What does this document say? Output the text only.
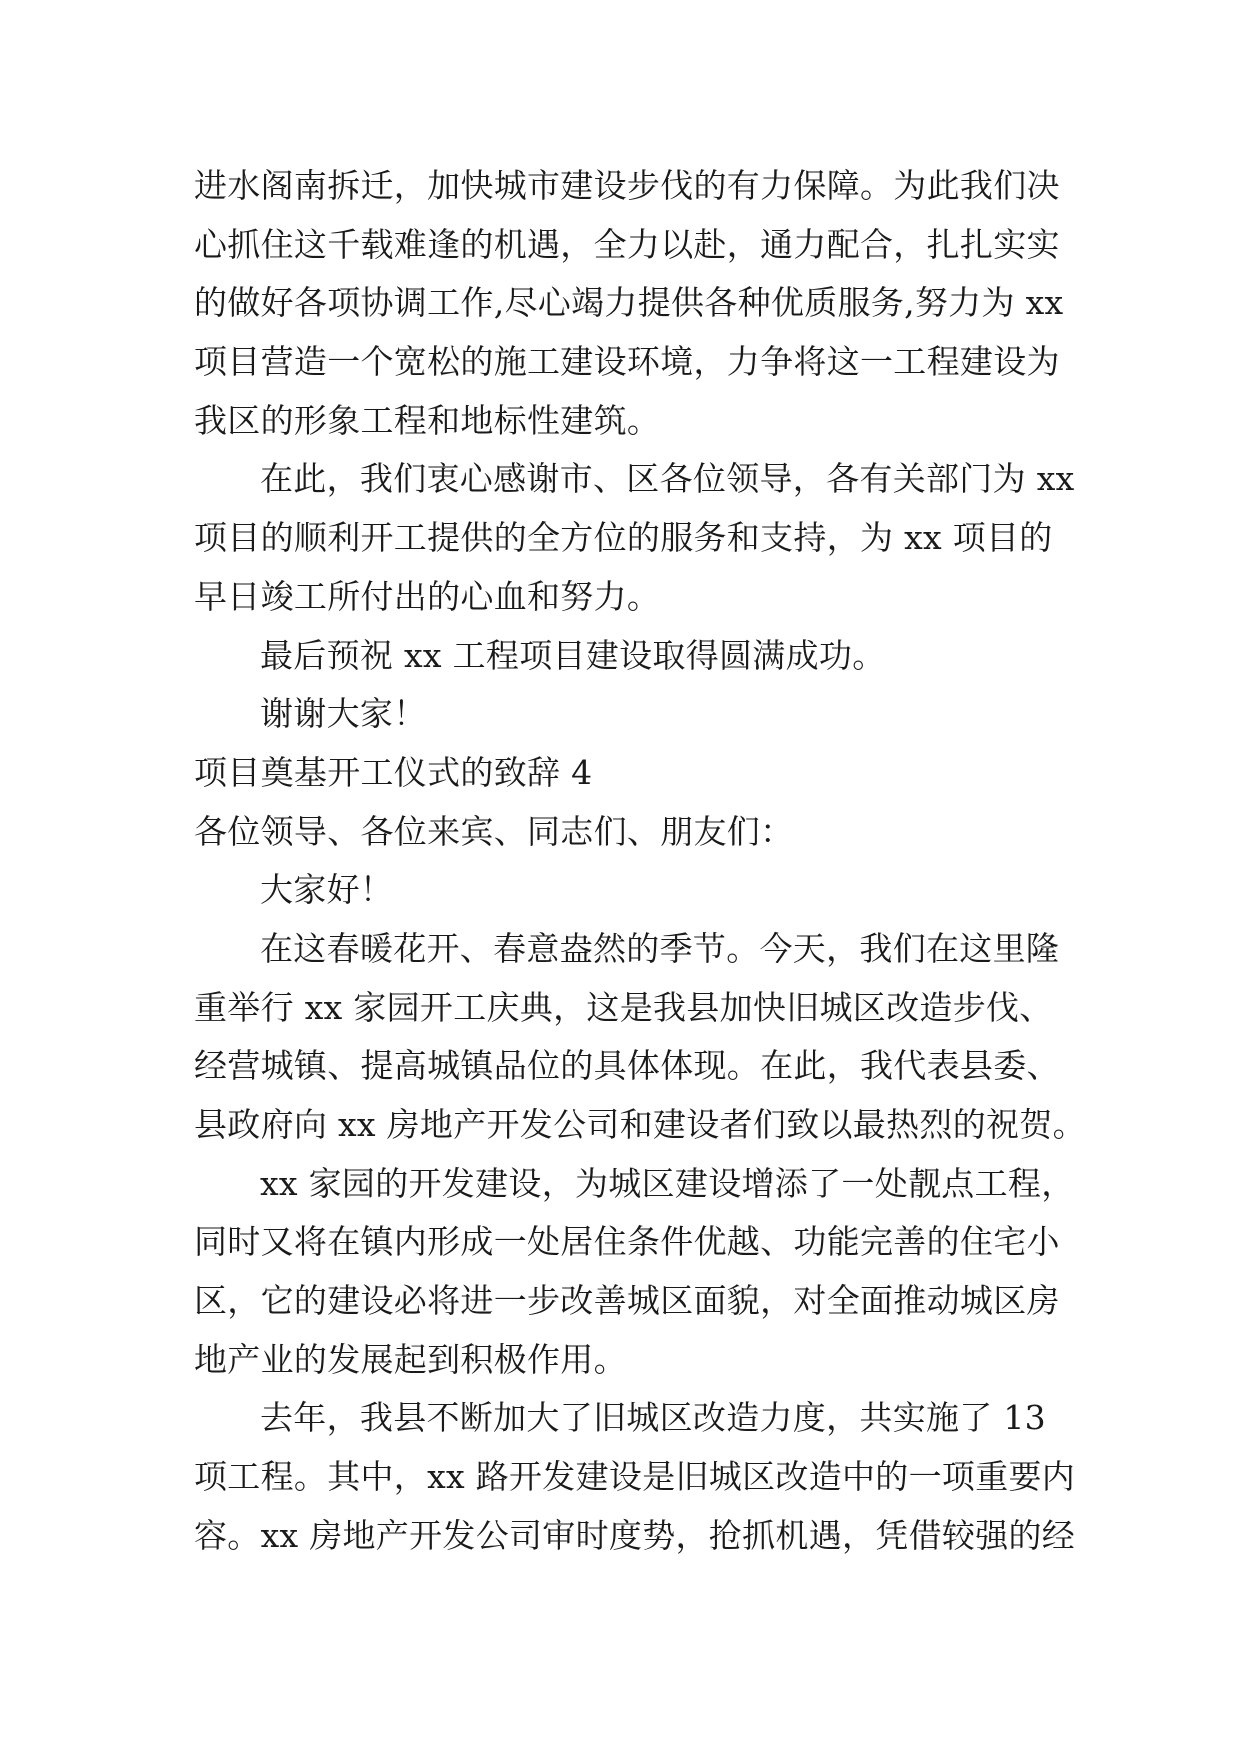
进水阁南拆迁，加快城市建设步伐的有力保障。为此我们决
心抓住这千载难逢的机遇，全力以赴，通力配合，扎扎实实
的做好各项协调工作,尽心竭力提供各种优质服务,努力为 xx
项目营造一个宽松的施工建设环境，力争将这一工程建设为
我区的形象工程和地标性建筑。
在此，我们衷心感谢市、区各位领导，各有关部门为 xx
项目的顺利开工提供的全方位的服务和支持，为 xx 项目的
早日竣工所付出的心血和努力。
最后预祝 xx 工程项目建设取得圆满成功。
谢谢大家！
项目奠基开工仪式的致辞 4
各位领导、各位来宾、同志们、朋友们：
大家好！
在这春暖花开、春意盎然的季节。今天，我们在这里隆
重举行 xx 家园开工庆典，这是我县加快旧城区改造步伐、
经营城镇、提高城镇品位的具体体现。在此，我代表县委、
县政府向 xx 房地产开发公司和建设者们致以最热烈的祝贺。
xx 家园的开发建设，为城区建设增添了一处靓点工程，
同时又将在镇内形成一处居住条件优越、功能完善的住宅小
区，它的建设必将进一步改善城区面貌，对全面推动城区房
地产业的发展起到积极作用。
去年，我县不断加大了旧城区改造力度，共实施了 13
项工程。其中，xx 路开发建设是旧城区改造中的一项重要内
容。xx 房地产开发公司审时度势，抢抓机遇，凭借较强的经
